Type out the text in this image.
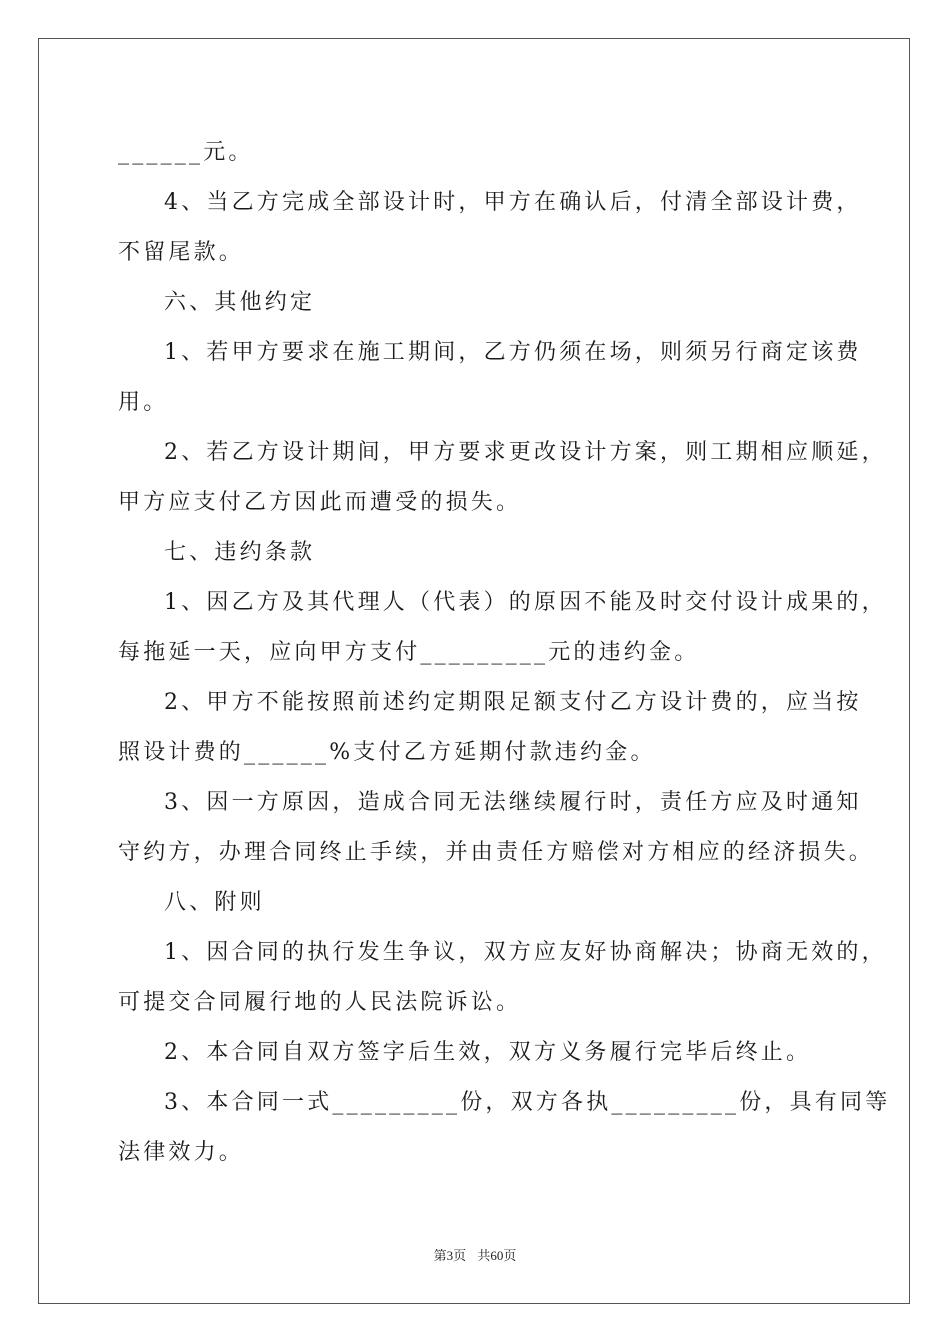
______元。
4、当乙方完成全部设计时，甲方在确认后，付清全部设计费，
不留尾款。
六、其他约定
1、若甲方要求在施工期间，乙方仍须在场，则须另行商定该费
用。
2、若乙方设计期间，甲方要求更改设计方案，则工期相应顺延，
甲方应支付乙方因此而遭受的损失。
七、违约条款
1、因乙方及其代理人（代表）的原因不能及时交付设计成果的，
每拖延一天，应向甲方支付_________元的违约金。
2、甲方不能按照前述约定期限足额支付乙方设计费的，应当按
照设计费的______%支付乙方延期付款违约金。
3、因一方原因，造成合同无法继续履行时，责任方应及时通知
守约方，办理合同终止手续，并由责任方赔偿对方相应的经济损失。
八、附则
1、因合同的执行发生争议，双方应友好协商解决；协商无效的，
可提交合同履行地的人民法院诉讼。
2、本合同自双方签字后生效，双方义务履行完毕后终止。
3、本合同一式_________份，双方各执_________份，具有同等
法律效力。
第3页 共60页
